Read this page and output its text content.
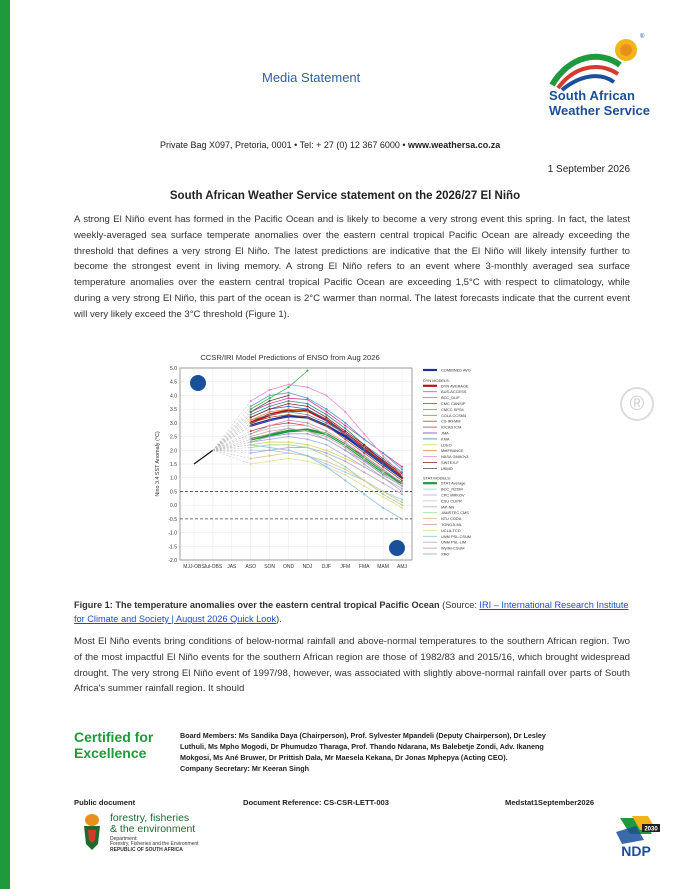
Media Statement
®
South African
Weather Service
Private Bag X097, Pretoria, 0001 • Tel: + 27 (0) 12 367 6000 • www.weathersa.co.za
1 September 2026
South African Weather Service statement on the 2026/27 El Niño
A strong El Niño event has formed in the Pacific Ocean and is likely to become a very strong event this spring. In fact, the latest weekly-averaged sea surface temperate anomalies over the eastern central tropical Pacific Ocean are already exceeding the threshold that defines a very strong El Niño. The latest predictions are indicative that the El Niño will likely intensify further to become the strongest event in living memory. A strong El Niño refers to an event where 3-monthly averaged sea surface temperature anomalies over the eastern central tropical Pacific Ocean are exceeding 1,5°C with respect to climatology, while during a very strong El Niño, this part of the ocean is 2°C warmer than normal. The latest forecasts indicate that the current event will very likely exceed the 3°C threshold (Figure 1).
CCSR/IRI Model Predictions of ENSO from Aug 2026
5.0
4.5
4.0
3.5
3.0
2.5
2.0
1.5
1.0
0.5
0.0
-0.5
-1.0
-1.5
-2.0
MJJ-OBS
Jul-OBS JAS ASO SON OND NDJ DJF JFM FMA MAM AMJ
Nino 3.4 SST Anomaly (°C)
COMBINED AVG
DYN MODELS:
DYN AVERAGE
AUS-ACCESS
BCC_DLIF
CMC CANSIP
CMCC SPS4
COLA CCSM4
CS-IRI-MM
IOCAS ICM
JMA
KMA
LDEO
MetFRANCE
NASA GMAOv3
SINTEX-F
UKMO
STAT MODELS:
STAT Average
BCC_RZDM
CPC MRKOV
CSU CLIPR
IAP-NN
JAMSTEC CMS
NTU CODA
TONGJI-ML
UCLA-TCD
UNM PSL-CSUM
UNM PSL-LIM
Wyrtki-CSUM
XRO
®
Figure 1: The temperature anomalies over the eastern central tropical Pacific Ocean (Source: IRI – International Research Institute for Climate and Society | August 2026 Quick Look).
Most El Niño events bring conditions of below-normal rainfall and above-normal temperatures to the southern African region. Two of the most impactful El Niño events for the southern African region are those of 1982/83 and 2015/16, which brought widespread drought. The very strong El Niño event of 1997/98, however, was associated with slightly above-normal rainfall over parts of South Africa's summer rainfall region. It should
Certified for
Excellence
Board Members: Ms Sandika Daya (Chairperson), Prof. Sylvester Mpandeli (Deputy Chairperson), Dr Lesley Luthuli, Ms Mpho Mogodi, Dr Phumudzo Tharaga, Prof. Thando Ndarana, Ms Balebetje Zondi, Adv. Ikaneng Mokgosi, Ms Ané Bruwer, Dr Prittish Dala, Mr Maesela Kekana, Dr Jonas Mphepya (Acting CEO).
Company Secretary: Mr Keeran Singh
Public document	Document Reference: CS-CSR-LETT-003	Medstat1September2026
forestry, fisheries
& the environment
Department:
Forestry, Fisheries and the Environment
REPUBLIC OF SOUTH AFRICA
2030
NDP
